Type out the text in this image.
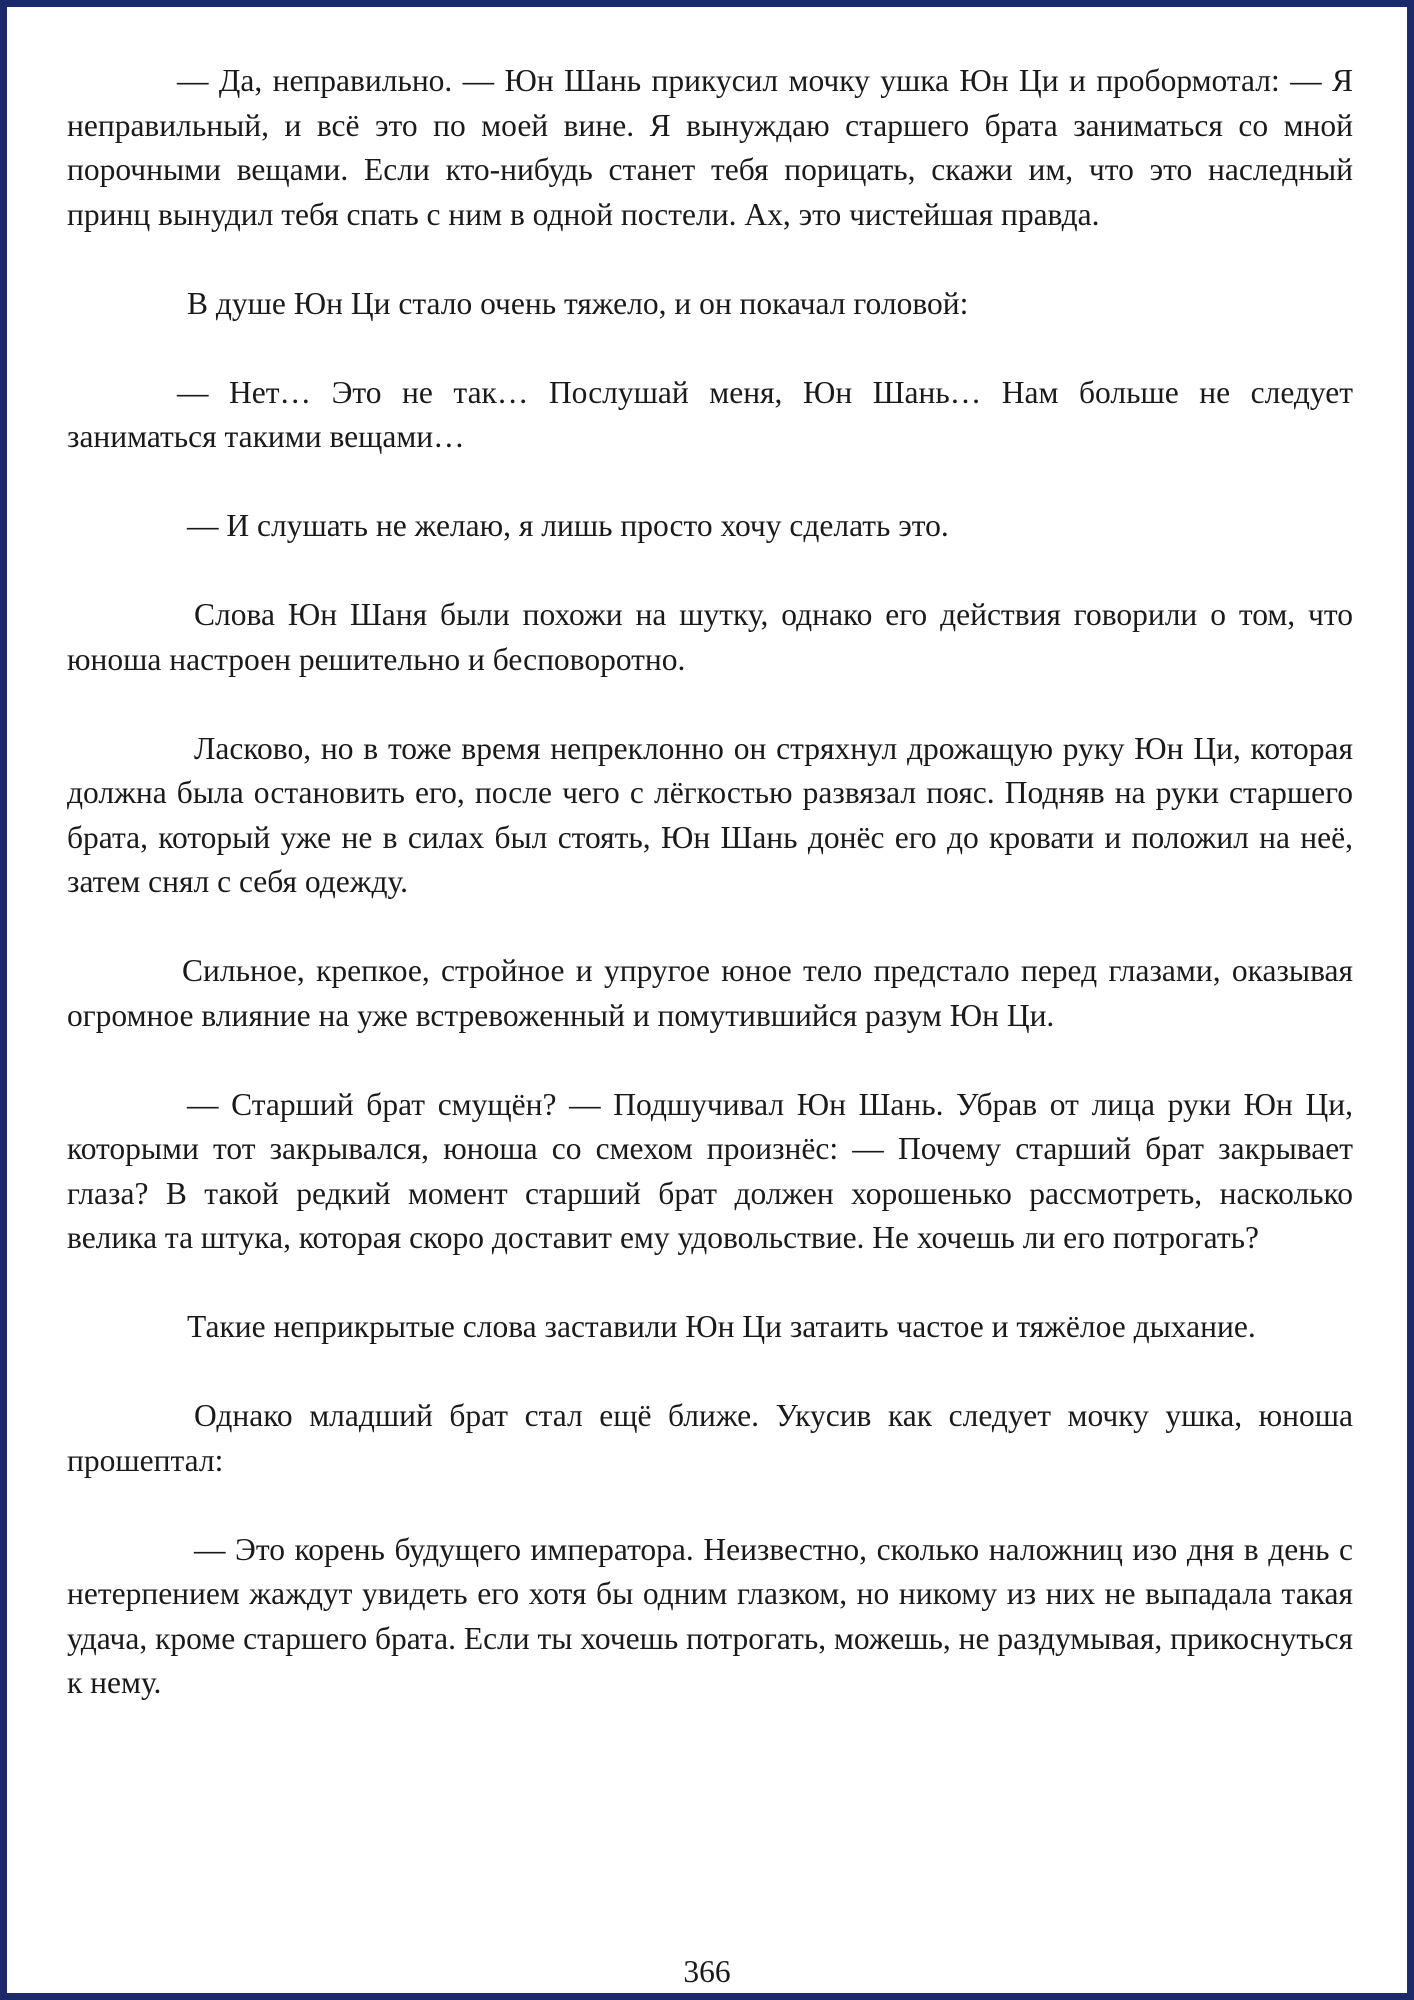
— Да, неправильно. — Юн Шань прикусил мочку ушка Юн Ци и пробормотал: — Я неправильный, и всё это по моей вине. Я вынуждаю старшего брата заниматься со мной порочными вещами. Если кто-нибудь станет тебя порицать, скажи им, что это наследный принц вынудил тебя спать с ним в одной постели. Ах, это чистейшая правда.

В душе Юн Ци стало очень тяжело, и он покачал головой:

— Нет… Это не так… Послушай меня, Юн Шань… Нам больше не следует заниматься такими вещами…

— И слушать не желаю, я лишь просто хочу сделать это.

Слова Юн Шаня были похожи на шутку, однако его действия говорили о том, что юноша настроен решительно и бесповоротно.

Ласково, но в тоже время непреклонно он стряхнул дрожащую руку Юн Ци, которая должна была остановить его, после чего с лёгкостью развязал пояс. Подняв на руки старшего брата, который уже не в силах был стоять, Юн Шань донёс его до кровати и положил на неё, затем снял с себя одежду.

Сильное, крепкое, стройное и упругое юное тело предстало перед глазами, оказывая огромное влияние на уже встревоженный и помутившийся разум Юн Ци.

— Старший брат смущён? — Подшучивал Юн Шань. Убрав от лица руки Юн Ци, которыми тот закрывался, юноша со смехом произнёс: — Почему старший брат закрывает глаза? В такой редкий момент старший брат должен хорошенько рассмотреть, насколько велика та штука, которая скоро доставит ему удовольствие. Не хочешь ли его потрогать?

Такие неприкрытые слова заставили Юн Ци затаить частое и тяжёлое дыхание.

Однако младший брат стал ещё ближе. Укусив как следует мочку ушка, юноша прошептал:

— Это корень будущего императора. Неизвестно, сколько наложниц изо дня в день с нетерпением жаждут увидеть его хотя бы одним глазком, но никому из них не выпадала такая удача, кроме старшего брата. Если ты хочешь потрогать, можешь, не раздумывая, прикоснуться к нему.

366
